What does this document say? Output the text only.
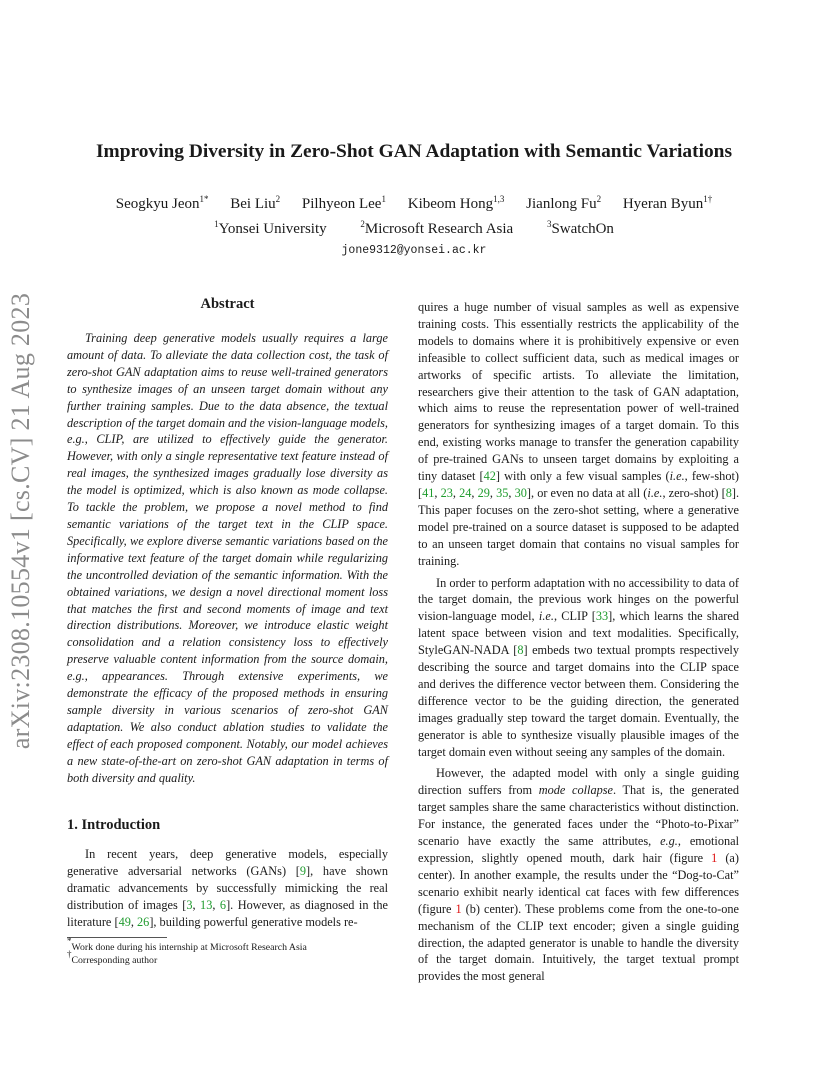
arXiv:2308.10554v1 [cs.CV] 21 Aug 2023
Improving Diversity in Zero-Shot GAN Adaptation with Semantic Variations
Seogkyu Jeon$^{1*}$ Bei Liu$^2$ Pilhyeon Lee$^1$ Kibeom Hong$^{1,3}$ Jianlong Fu$^2$ Hyeran Byun$^{1\dagger}$
$^1$Yonsei University	$^2$Microsoft Research Asia	$^3$SwatchOn
jone9312@yonsei.ac.kr
Abstract

Training deep generative models usually requires a large amount of data. To alleviate the data collection cost, the task of zero-shot GAN adaptation aims to reuse well-trained generators to synthesize images of an unseen target domain without any further training samples. Due to the data absence, the textual description of the target domain and the vision-language models, e.g., CLIP, are utilized to effectively guide the generator. However, with only a single representative text feature instead of real images, the synthesized images gradually lose diversity as the model is optimized, which is also known as mode collapse. To tackle the problem, we propose a novel method to find semantic variations of the target text in the CLIP space. Specifically, we explore diverse semantic variations based on the informative text feature of the target domain while regularizing the uncontrolled deviation of the semantic information. With the obtained variations, we design a novel directional moment loss that matches the first and second moments of image and text direction distributions. Moreover, we introduce elastic weight consolidation and a relation consistency loss to effectively preserve valuable content information from the source domain, e.g., appearances. Through extensive experiments, we demonstrate the efficacy of the proposed methods in ensuring sample diversity in various scenarios of zero-shot GAN adaptation. We also conduct ablation studies to validate the effect of each proposed component. Notably, our model achieves a new state-of-the-art on zero-shot GAN adaptation in terms of both diversity and quality.

1. Introduction

In recent years, deep generative models, especially generative adversarial networks (GANs) [9], have shown dramatic advancements by successfully mimicking the real distribution of images [3, 13, 6]. However, as diagnosed in the literature [49, 26], building powerful generative models re-

*Work done during his internship at Microsoft Research Asia
†Corresponding author

quires a huge number of visual samples as well as expensive training costs. This essentially restricts the applicability of the models to domains where it is prohibitively expensive or even infeasible to collect sufficient data, such as medical images or artworks of specific artists. To alleviate the limitation, researchers give their attention to the task of GAN adaptation, which aims to reuse the representation power of well-trained generators for synthesizing images of a target domain. To this end, existing works manage to transfer the generation capability of pre-trained GANs to unseen target domains by exploiting a tiny dataset [42] with only a few visual samples (i.e., few-shot) [41, 23, 24, 29, 35, 30], or even no data at all (i.e., zero-shot) [8]. This paper focuses on the zero-shot setting, where a generative model pre-trained on a source dataset is supposed to be adapted to an unseen target domain that contains no visual samples for training.

In order to perform adaptation with no accessibility to data of the target domain, the previous work hinges on the powerful vision-language model, i.e., CLIP [33], which learns the shared latent space between vision and text modalities. Specifically, StyleGAN-NADA [8] embeds two textual prompts respectively describing the source and target domains into the CLIP space and derives the difference vector between them. Considering the difference vector to be the guiding direction, the generated images gradually step toward the target domain. Eventually, the generator is able to synthesize visually plausible images of the target domain even without seeing any samples of the domain.

However, the adapted model with only a single guiding direction suffers from mode collapse. That is, the generated target samples share the same characteristics without distinction. For instance, the generated faces under the “Photo-to-Pixar” scenario have exactly the same attributes, e.g., emotional expression, slightly opened mouth, dark hair (figure 1 (a) center). In another example, the results under the “Dog-to-Cat” scenario exhibit nearly identical cat faces with few differences (figure 1 (b) center). These problems come from the one-to-one mechanism of the CLIP text encoder; given a single guiding direction, the adapted generator is unable to handle the diversity of the target domain. Intuitively, the target textual prompt provides the most general
